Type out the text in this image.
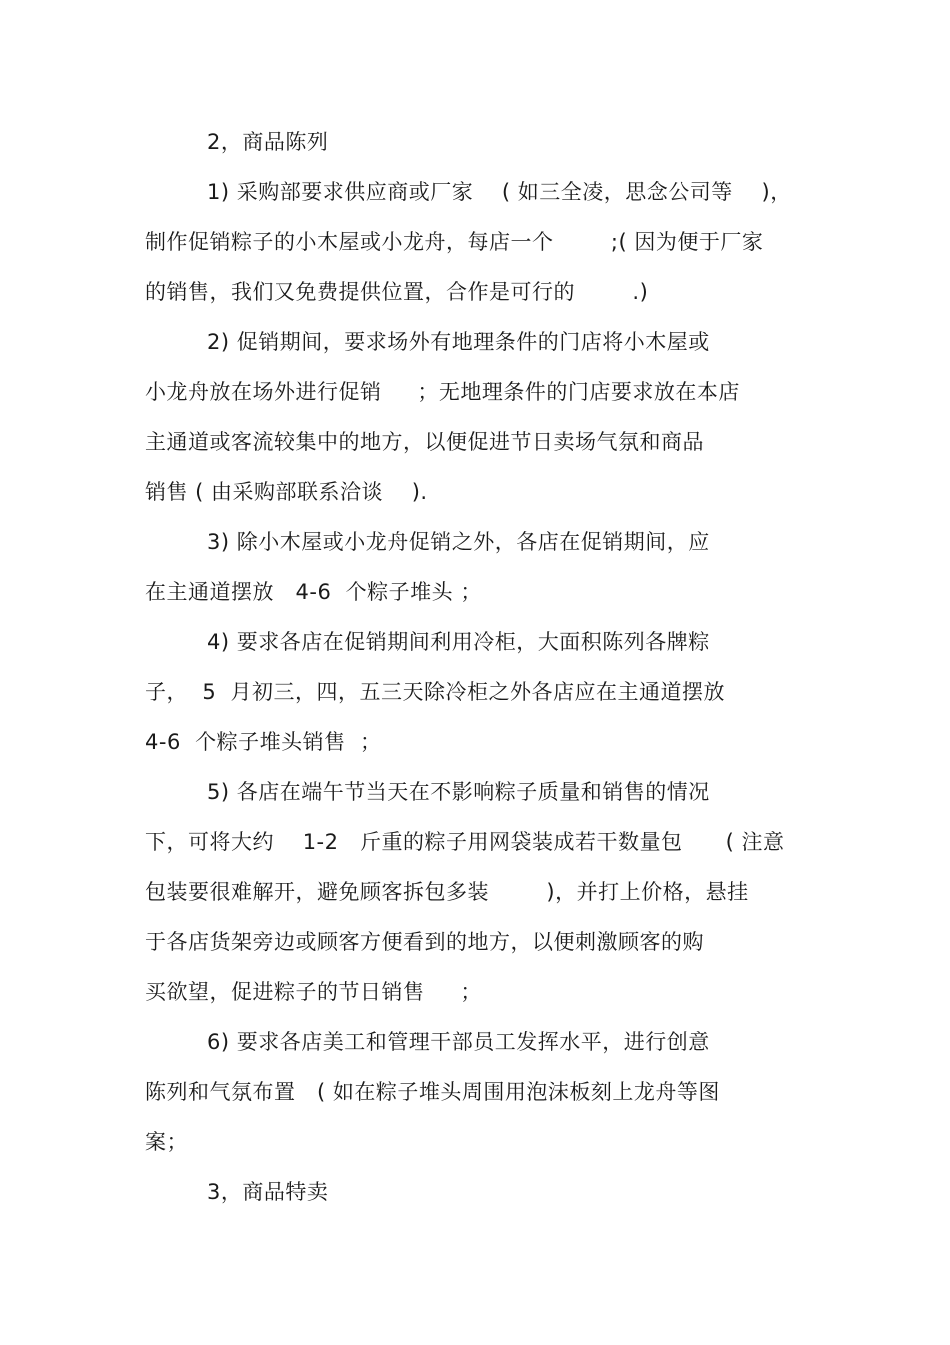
2，商品陈列
1) 采购部要求供应商或厂家    ( 如三全凌，思念公司等    )，
制作促销粽子的小木屋或小龙舟，每店一个        ;( 因为便于厂家
的销售，我们又免费提供位置，合作是可行的        .)
2) 促销期间，要求场外有地理条件的门店将小木屋或
小龙舟放在场外进行促销     ；无地理条件的门店要求放在本店
主通道或客流较集中的地方，以便促进节日卖场气氛和商品
销售 ( 由采购部联系洽谈    ).
3) 除小木屋或小龙舟促销之外，各店在促销期间，应
在主通道摆放   4-6  个粽子堆头 ；
4) 要求各店在促销期间利用冷柜，大面积陈列各牌粽
子，  5  月初三，四，五三天除冷柜之外各店应在主通道摆放
4-6  个粽子堆头销售  ；
5) 各店在端午节当天在不影响粽子质量和销售的情况
下，可将大约    1-2   斤重的粽子用网袋装成若干数量包      ( 注意
包装要很难解开，避免顾客拆包多装        )，并打上价格，悬挂
于各店货架旁边或顾客方便看到的地方，以便刺激顾客的购
买欲望，促进粽子的节日销售     ；
6) 要求各店美工和管理干部员工发挥水平，进行创意
陈列和气氛布置   ( 如在粽子堆头周围用泡沫板刻上龙舟等图
案；
3，商品特卖
